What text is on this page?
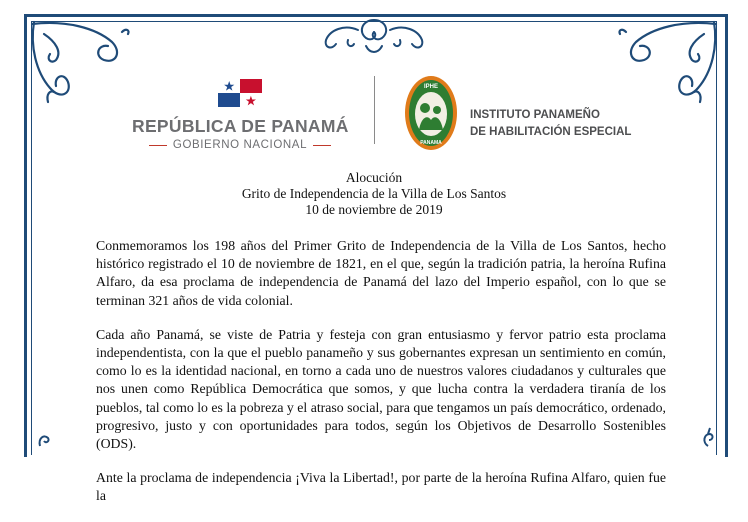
REPÚBLICA DE PANAMÁ
GOBIERNO NACIONAL
IPHE
PANAMA
INSTITUTO PANAMEÑO
DE HABILITACIÓN ESPECIAL
Alocución
Grito de Independencia de la Villa de Los Santos
10 de noviembre de 2019

Conmemoramos los 198 años del Primer Grito de Independencia de la Villa de Los Santos, hecho histórico registrado el 10 de noviembre de 1821, en el que, según la tradición patria, la heroína Rufina Alfaro, da esa proclama de independencia de Panamá del lazo del Imperio español, con lo que se terminan 321 años de vida colonial.

Cada año Panamá, se viste de Patria y festeja con gran entusiasmo y fervor patrio esta proclama independentista, con la que el pueblo panameño y sus gobernantes expresan un sentimiento en común, como lo es la identidad nacional, en torno a cada uno de nuestros valores ciudadanos y culturales que nos unen como República Democrática que somos, y que lucha contra la verdadera tiranía de los pueblos, tal como lo es la pobreza y el atraso social, para que tengamos un país democrático, ordenado, progresivo, justo y con oportunidades para todos, según los Objetivos de Desarrollo Sostenibles (ODS).

Ante la proclama de independencia ¡Viva la Libertad!, por parte de la heroína Rufina Alfaro, quien fue la
